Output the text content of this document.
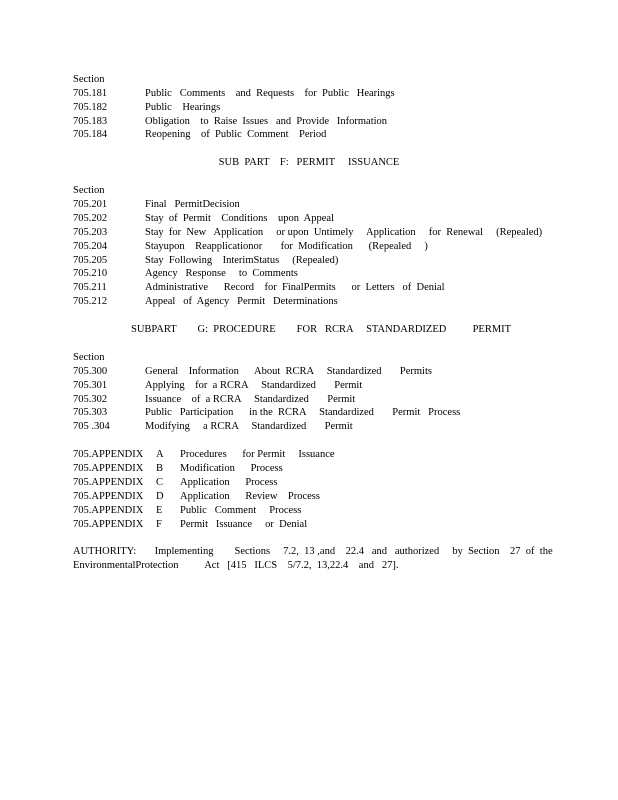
Section
705.181	Public   Comments    and  Requests    for  Public   Hearings
705.182	Public    Hearings
705.183	Obligation    to  Raise  Issues   and  Provide   Information
705.184	Reopening    of  Public  Comment    Period
SUB  PART    F:   PERMIT     ISSUANCE
Section
705.201	Final   PermitDecision
705.202	Stay  of  Permit    Conditions    upon  Appeal
705.203	Stay  for  New   Application     or upon  Untimely     Application     for  Renewal     (Repealed)
705.204	Stayupon    Reapplicationor       for  Modification      (Repealed     )
705.205	Stay  Following    InterimStatus     (Repealed)
705.210	Agency   Response     to  Comments
705.211	Administrative      Record    for  FinalPermits      or  Letters   of  Denial
705.212	Appeal   of  Agency   Permit   Determinations
SUBPART        G:  PROCEDURE        FOR   RCRA     STANDARDIZED          PERMIT
Section
705.300	General    Information      About  RCRA     Standardized       Permits
705.301	Applying    for  a RCRA     Standardized       Permit
705.302	Issuance    of  a RCRA     Standardized       Permit
705.303	Public   Participation      in the  RCRA     Standardized       Permit   Process
705 .304	Modifying     a RCRA     Standardized       Permit
705.APPENDIX A Procedures      for Permit     Issuance
705.APPENDIX B Modification      Process
705.APPENDIX C Application      Process
705.APPENDIX D Application      Review    Process
705.APPENDIX E Public   Comment     Process
705.APPENDIX F Permit   Issuance     or  Denial
AUTHORITY:       Implementing        Sections     7.2,  13 ,and    22.4   and   authorized     by  Section    27  of  the
EnvironmentalProtection          Act   [415   ILCS    5/7.2,  13,22.4    and   27].
